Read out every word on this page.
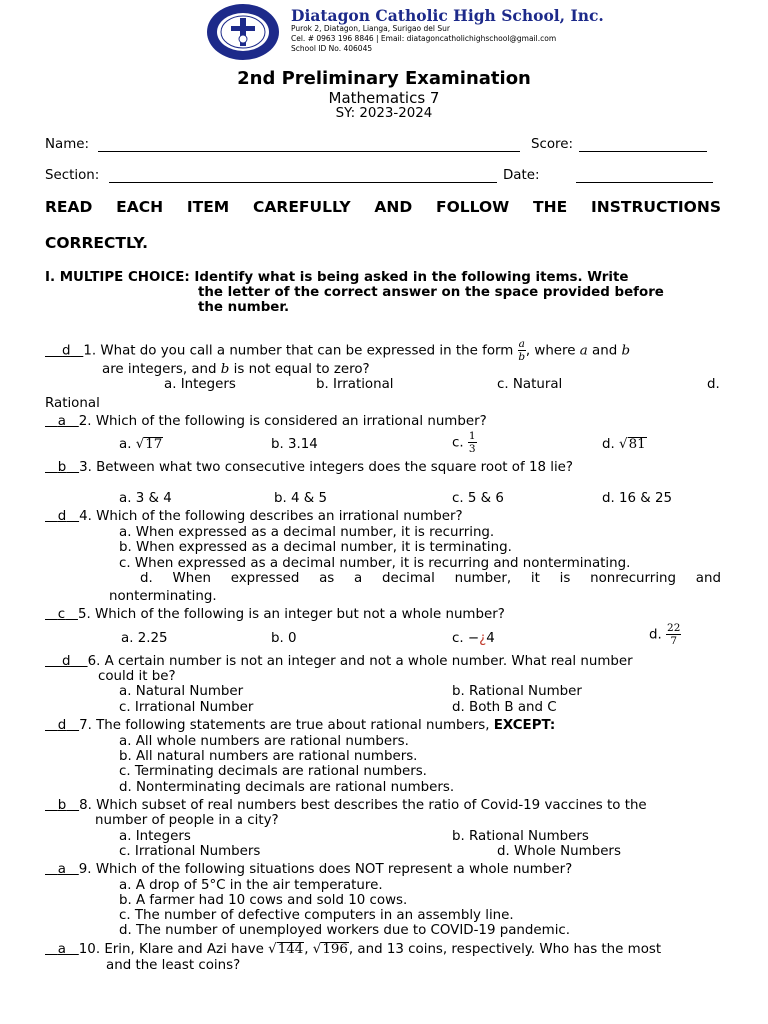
Diatagon Catholic High School, Inc.
Purok 2, Diatagon, Lianga, Surigao del Sur
Cel. # 0963 196 8846 | Email: diatagoncatholichighschool@gmail.com
School ID No. 406045
2nd Preliminary Examination
Mathematics 7
SY: 2023-2024
Name:	Score:
Section:	Date:
READ EACH ITEM CAREFULLY AND FOLLOW THE INSTRUCTIONS
CORRECTLY.
I. MULTIPE CHOICE: Identify what is being asked in the following items. Write
the letter of the correct answer on the space provided before
the number.
d 1. What do you call a number that can be expressed in the form $\frac{a}{b}$ , where a and b
are integers, and b is not equal to zero?
a. Integers	b. Irrational	c. Natural	d.
Rational
a 2. Which of the following is considered an irrational number?
a. √17	b. 3.14	c. $\frac{1}{3}$	d. √81
b 3. Between what two consecutive integers does the square root of 18 lie?
a. 3 & 4	b. 4 & 5	c. 5 & 6	d. 16 & 25
d 4. Which of the following describes an irrational number?
a. When expressed as a decimal number, it is recurring.
b. When expressed as a decimal number, it is terminating.
c. When expressed as a decimal number, it is recurring and nonterminating.
d. When expressed as a decimal number, it is nonrecurring and
nonterminating.
c 5. Which of the following is an integer but not a whole number?
a. 2.25	b. 0	c. −¿4	d. $\frac{22}{7}$
d 6. A certain number is not an integer and not a whole number. What real number
could it be?
a. Natural Number	b. Rational Number
c. Irrational Number	d. Both B and C
d 7. The following statements are true about rational numbers, EXCEPT:
a. All whole numbers are rational numbers.
b. All natural numbers are rational numbers.
c. Terminating decimals are rational numbers.
d. Nonterminating decimals are rational numbers.
b 8. Which subset of real numbers best describes the ratio of Covid-19 vaccines to the
number of people in a city?
a. Integers	b. Rational Numbers
c. Irrational Numbers	d. Whole Numbers
a 9. Which of the following situations does NOT represent a whole number?
a. A drop of 5°C in the air temperature.
b. A farmer had 10 cows and sold 10 cows.
c. The number of defective computers in an assembly line.
d. The number of unemployed workers due to COVID-19 pandemic.
a 10. Erin, Klare and Azi have √144, √196, and 13 coins, respectively. Who has the most
and the least coins?
